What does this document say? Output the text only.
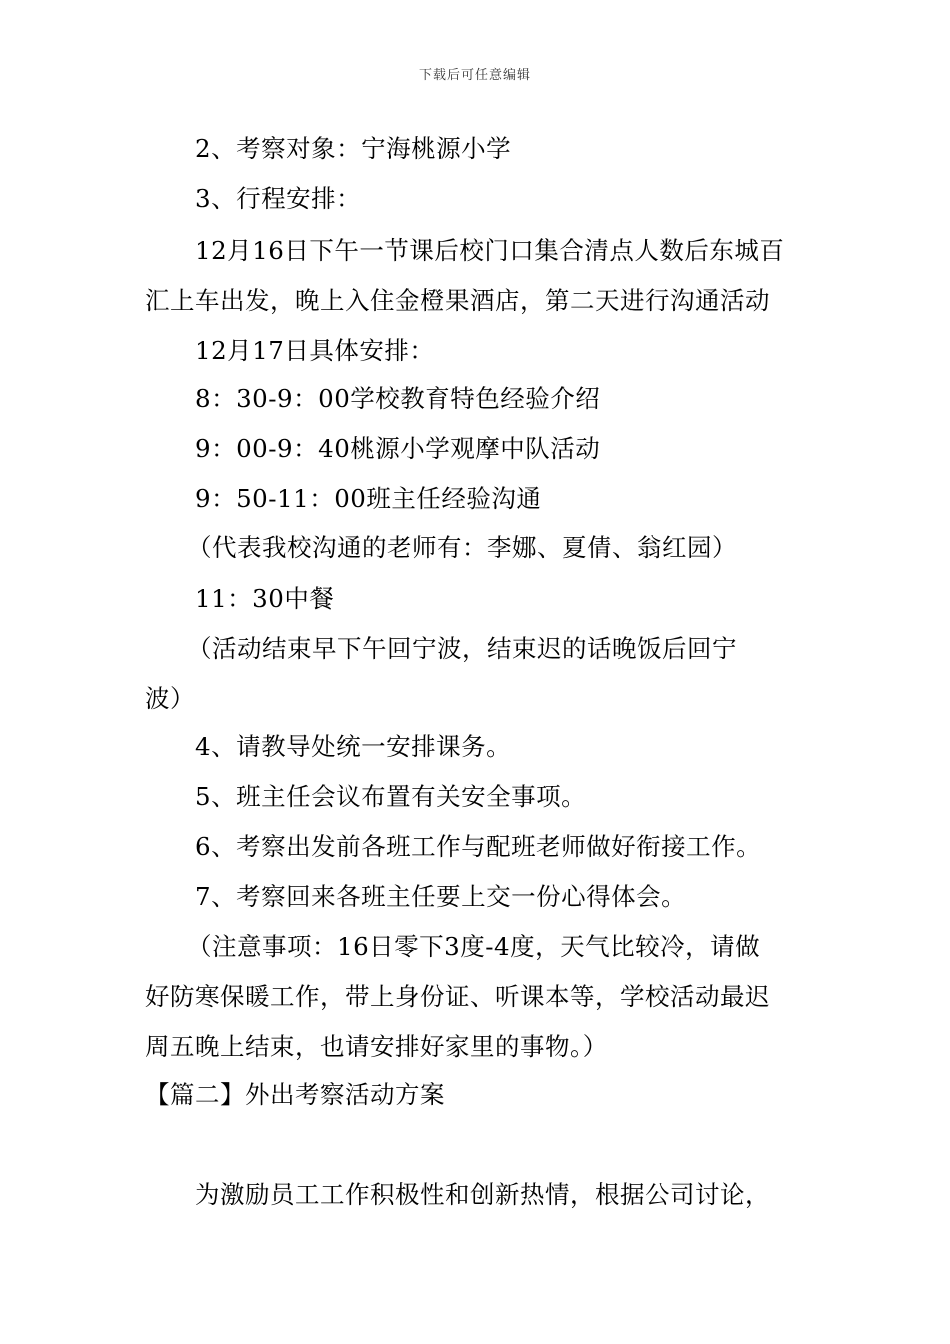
下载后可任意编辑
2、考察对象：宁海桃源小学
3、行程安排：
12月16日下午一节课后校门口集合清点人数后东城百
汇上车出发，晚上入住金橙果酒店，第二天进行沟通活动
12月17日具体安排：
8：30-9：00学校教育特色经验介绍
9：00-9：40桃源小学观摩中队活动
9：50-11：00班主任经验沟通
（代表我校沟通的老师有：李娜、夏倩、翁红园）
11：30中餐
（活动结束早下午回宁波，结束迟的话晚饭后回宁
波）
4、请教导处统一安排课务。
5、班主任会议布置有关安全事项。
6、考察出发前各班工作与配班老师做好衔接工作。
7、考察回来各班主任要上交一份心得体会。
（注意事项：16日零下3度-4度，天气比较冷，请做
好防寒保暖工作，带上身份证、听课本等，学校活动最迟
周五晚上结束，也请安排好家里的事物。）
【篇二】外出考察活动方案
为激励员工工作积极性和创新热情，根据公司讨论，
